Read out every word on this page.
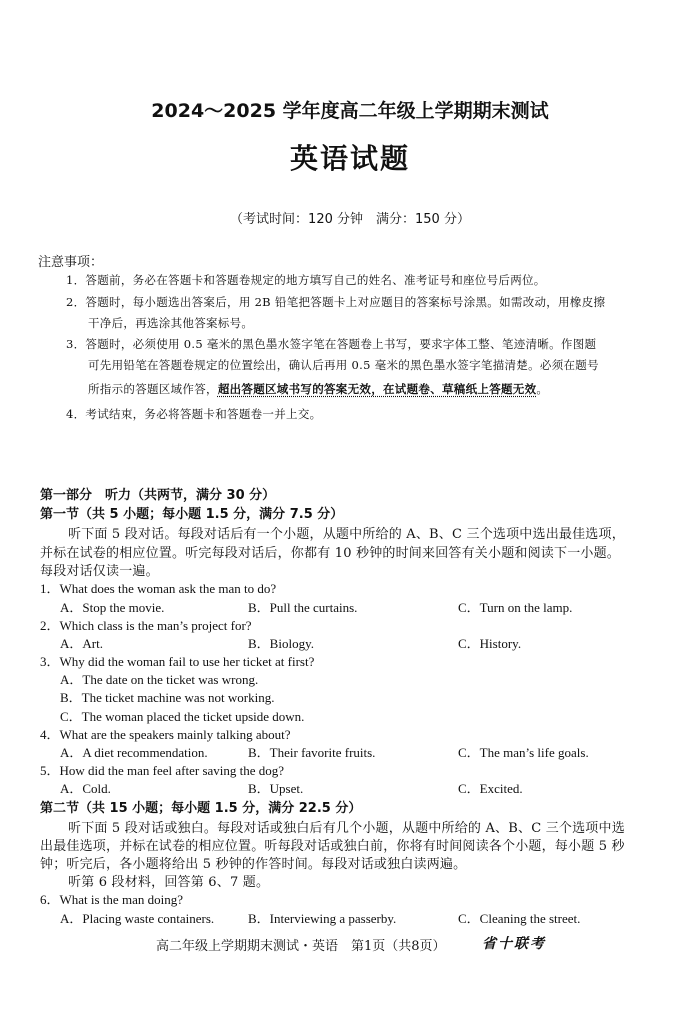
2024～2025 学年度高二年级上学期期末测试
英语试题
（考试时间：120 分钟　满分：150 分）
注意事项：
1．答题前，务必在答题卡和答题卷规定的地方填写自己的姓名、准考证号和座位号后两位。
2．答题时，每小题选出答案后，用 2B 铅笔把答题卡上对应题目的答案标号涂黑。如需改动，用橡皮擦
干净后，再选涂其他答案标号。
3．答题时，必须使用 0.5 毫米的黑色墨水签字笔在答题卷上书写，要求字体工整、笔迹清晰。作图题
可先用铅笔在答题卷规定的位置绘出，确认后再用 0.5 毫米的黑色墨水签字笔描清楚。必须在题号
所指示的答题区域作答，超出答题区域书写的答案无效，在试题卷、草稿纸上答题无效。
4．考试结束，务必将答题卡和答题卷一并上交。
第一部分　听力（共两节，满分 30 分）
第一节（共 5 小题；每小题 1.5 分，满分 7.5 分）
听下面 5 段对话。每段对话后有一个小题，从题中所给的 A、B、C 三个选项中选出最佳选项，
并标在试卷的相应位置。听完每段对话后，你都有 10 秒钟的时间来回答有关小题和阅读下一小题。
每段对话仅读一遍。
1．What does the woman ask the man to do?
A．Stop the movie.	B．Pull the curtains.	C．Turn on the lamp.
2．Which class is the man’s project for?
A．Art.	B．Biology.	C．History.
3．Why did the woman fail to use her ticket at first?
A．The date on the ticket was wrong.
B．The ticket machine was not working.
C．The woman placed the ticket upside down.
4．What are the speakers mainly talking about?
A．A diet recommendation.	B．Their favorite fruits.	C．The man’s life goals.
5．How did the man feel after saving the dog?
A．Cold.	B．Upset.	C．Excited.
第二节（共 15 小题；每小题 1.5 分，满分 22.5 分）
听下面 5 段对话或独白。每段对话或独白后有几个小题，从题中所给的 A、B、C 三个选项中选
出最佳选项，并标在试卷的相应位置。听每段对话或独白前，你将有时间阅读各个小题，每小题 5 秒
钟；听完后，各小题将给出 5 秒钟的作答时间。每段对话或独白读两遍。
听第 6 段材料，回答第 6、7 题。
6．What is the man doing?
A．Placing waste containers.	B．Interviewing a passerby.	C．Cleaning the street.
高二年级上学期期末测试・英语　第1页（共8页）	省十联考
